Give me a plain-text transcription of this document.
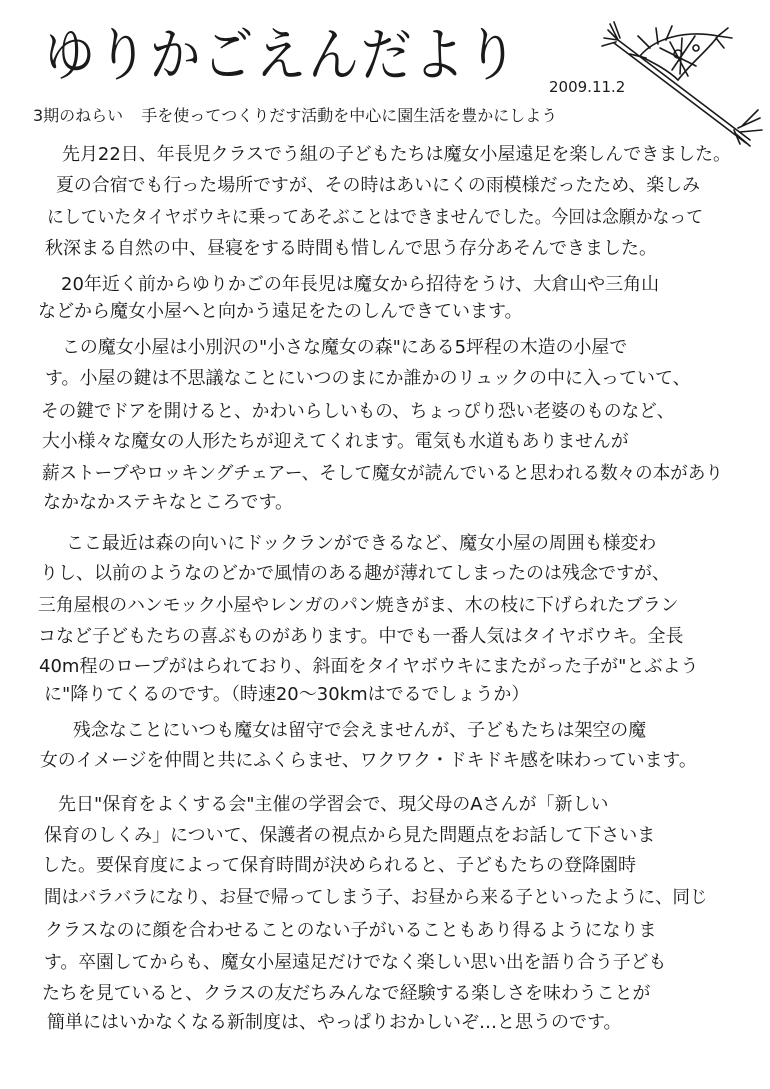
ゆりかごえんだより 2009.11.2
3期のねらい 手を使ってつくりだす活動を中心に園生活を豊かにしよう
先月22日、年長児クラスでう組の子どもたちは魔女小屋遠足を楽しんできました。
夏の合宿でも行った場所ですが、その時はあいにくの雨模様だったため、楽しみ
にしていたタイヤボウキに乗ってあそぶことはできませんでした。今回は念願かなって
秋深まる自然の中、昼寝をする時間も惜しんで思う存分あそんできました。
20年近く前からゆりかごの年長児は魔女から招待をうけ、大倉山や三角山
などから魔女小屋へと向かう遠足をたのしんできています。
この魔女小屋は小別沢の"小さな魔女の森"にある5坪程の木造の小屋で
す。小屋の鍵は不思議なことにいつのまにか誰かのリュックの中に入っていて、
その鍵でドアを開けると、かわいらしいもの、ちょっぴり恐い老婆のものなど、
大小様々な魔女の人形たちが迎えてくれます。電気も水道もありませんが
薪ストーブやロッキングチェアー、そして魔女が読んでいると思われる数々の本があり
なかなかステキなところです。
ここ最近は森の向いにドックランができるなど、魔女小屋の周囲も様変わ
りし、以前のようなのどかで風情のある趣が薄れてしまったのは残念ですが、
三角屋根のハンモック小屋やレンガのパン焼きがま、木の枝に下げられたブラン
コなど子どもたちの喜ぶものがあります。中でも一番人気はタイヤボウキ。全長
40m程のロープがはられており、斜面をタイヤボウキにまたがった子が"とぶよう
に"降りてくるのです。（時速20～30kmはでるでしょうか）
残念なことにいつも魔女は留守で会えませんが、子どもたちは架空の魔
女のイメージを仲間と共にふくらませ、ワクワク・ドキドキ感を味わっています。
先日"保育をよくする会"主催の学習会で、現父母のAさんが「新しい
保育のしくみ」について、保護者の視点から見た問題点をお話して下さいま
した。要保育度によって保育時間が決められると、子どもたちの登降園時
間はバラバラになり、お昼で帰ってしまう子、お昼から来る子といったように、同じ
クラスなのに顔を合わせることのない子がいることもあり得るようになりま
す。卒園してからも、魔女小屋遠足だけでなく楽しい思い出を語り合う子ども
たちを見ていると、クラスの友だちみんなで経験する楽しさを味わうことが
簡単にはいかなくなる新制度は、やっぱりおかしいぞ…と思うのです。
